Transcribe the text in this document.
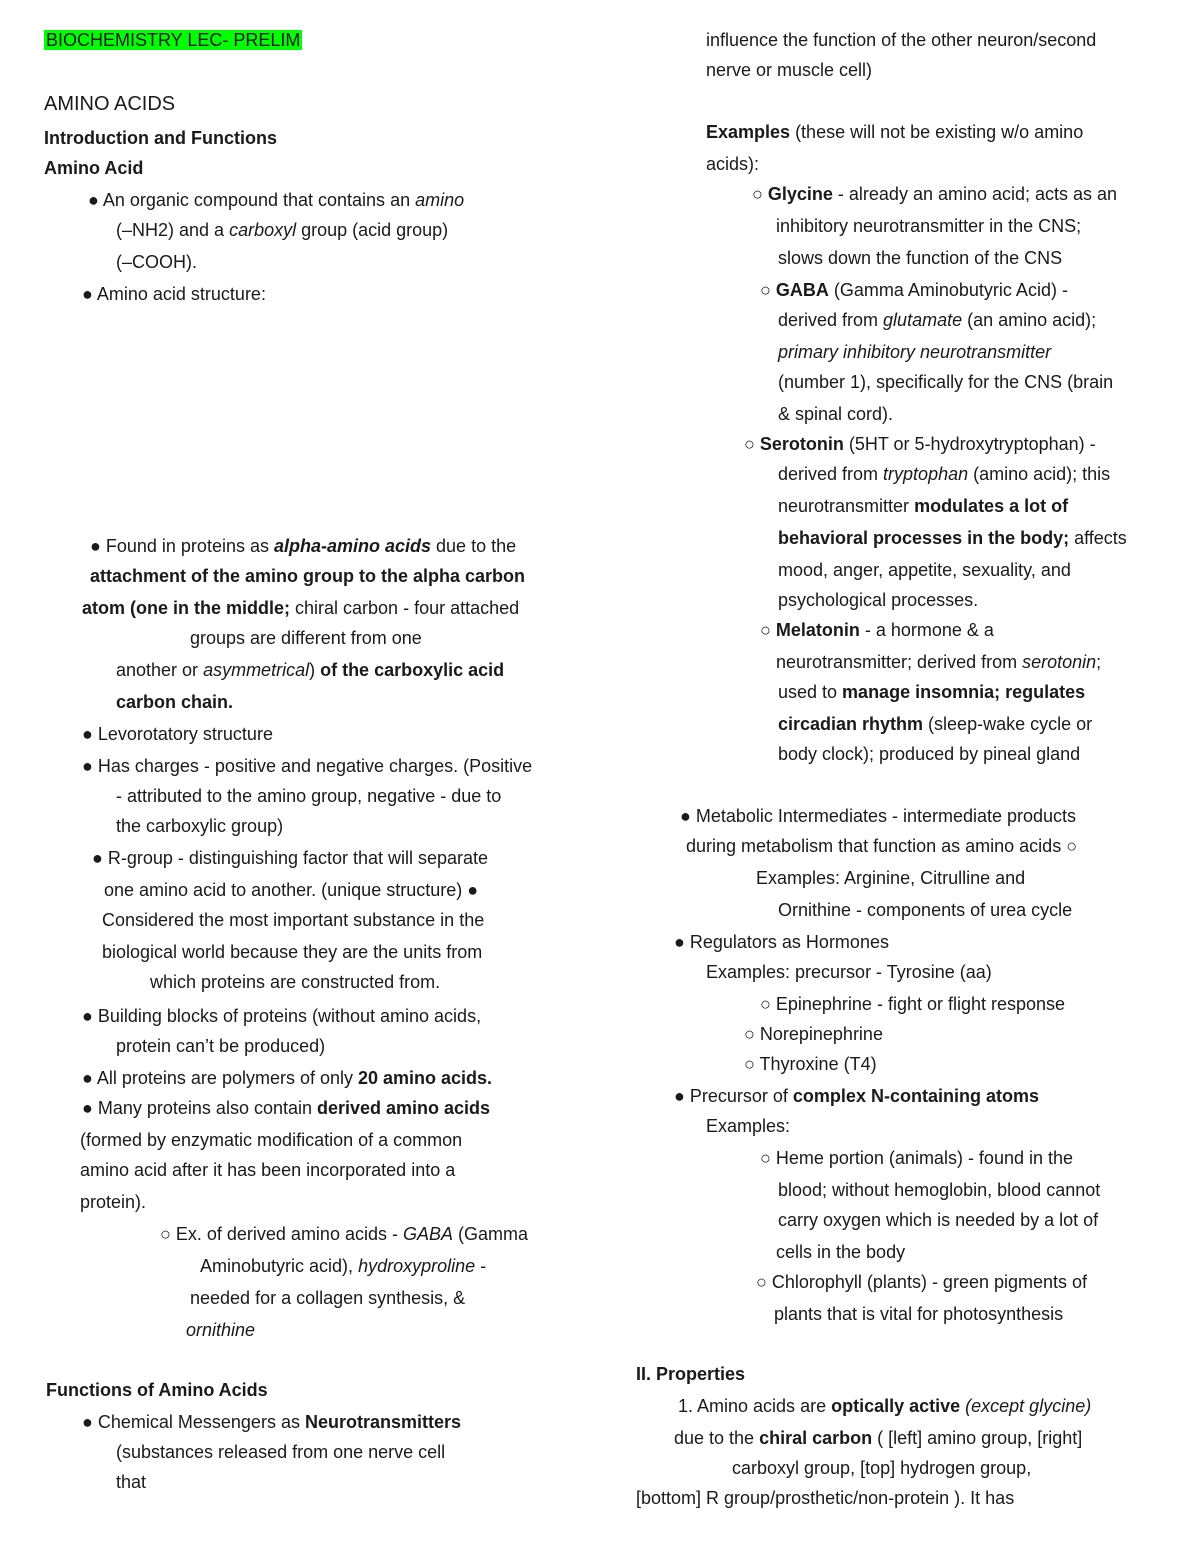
BIOCHEMISTRY LEC- PRELIM
AMINO ACIDS
Introduction and Functions
Amino Acid
● An organic compound that contains an amino
(–NH2) and a carboxyl group (acid group)
(–COOH).
● Amino acid structure:
● Found in proteins as alpha-amino acids due to the
attachment of the amino group to the alpha carbon
atom (one in the middle; chiral carbon - four attached
groups are different from one
another or asymmetrical) of the carboxylic acid
carbon chain.
● Levorotatory structure
● Has charges - positive and negative charges. (Positive
- attributed to the amino group, negative - due to
the carboxylic group)
● R-group - distinguishing factor that will separate
one amino acid to another. (unique structure) ●
Considered the most important substance in the
biological world because they are the units from
which proteins are constructed from.
● Building blocks of proteins (without amino acids,
protein can’t be produced)
● All proteins are polymers of only 20 amino acids.
● Many proteins also contain derived amino acids
(formed by enzymatic modification of a common
amino acid after it has been incorporated into a
protein).
○ Ex. of derived amino acids - GABA (Gamma
Aminobutyric acid), hydroxyproline -
needed for a collagen synthesis, &
ornithine
Functions of Amino Acids
● Chemical Messengers as Neurotransmitters
(substances released from one nerve cell
that
influence the function of the other neuron/second
nerve or muscle cell)
Examples (these will not be existing w/o amino
acids):
○ Glycine - already an amino acid; acts as an
inhibitory neurotransmitter in the CNS;
slows down the function of the CNS
○ GABA (Gamma Aminobutyric Acid) -
derived from glutamate (an amino acid);
primary inhibitory neurotransmitter
(number 1), specifically for the CNS (brain
& spinal cord).
○ Serotonin (5HT or 5-hydroxytryptophan) -
derived from tryptophan (amino acid); this
neurotransmitter modulates a lot of
behavioral processes in the body; affects
mood, anger, appetite, sexuality, and
psychological processes.
○ Melatonin - a hormone & a
neurotransmitter; derived from serotonin;
used to manage insomnia; regulates
circadian rhythm (sleep-wake cycle or
body clock); produced by pineal gland
● Metabolic Intermediates - intermediate products
during metabolism that function as amino acids ○
Examples: Arginine, Citrulline and
Ornithine - components of urea cycle
● Regulators as Hormones
Examples: precursor - Tyrosine (aa)
○ Epinephrine - fight or flight response
○ Norepinephrine
○ Thyroxine (T4)
● Precursor of complex N-containing atoms
Examples:
○ Heme portion (animals) - found in the
blood; without hemoglobin, blood cannot
carry oxygen which is needed by a lot of
cells in the body
○ Chlorophyll (plants) - green pigments of
plants that is vital for photosynthesis
II. Properties
1. Amino acids are optically active (except glycine)
due to the chiral carbon ( [left] amino group, [right]
carboxyl group, [top] hydrogen group,
[bottom] R group/prosthetic/non-protein ). It has
